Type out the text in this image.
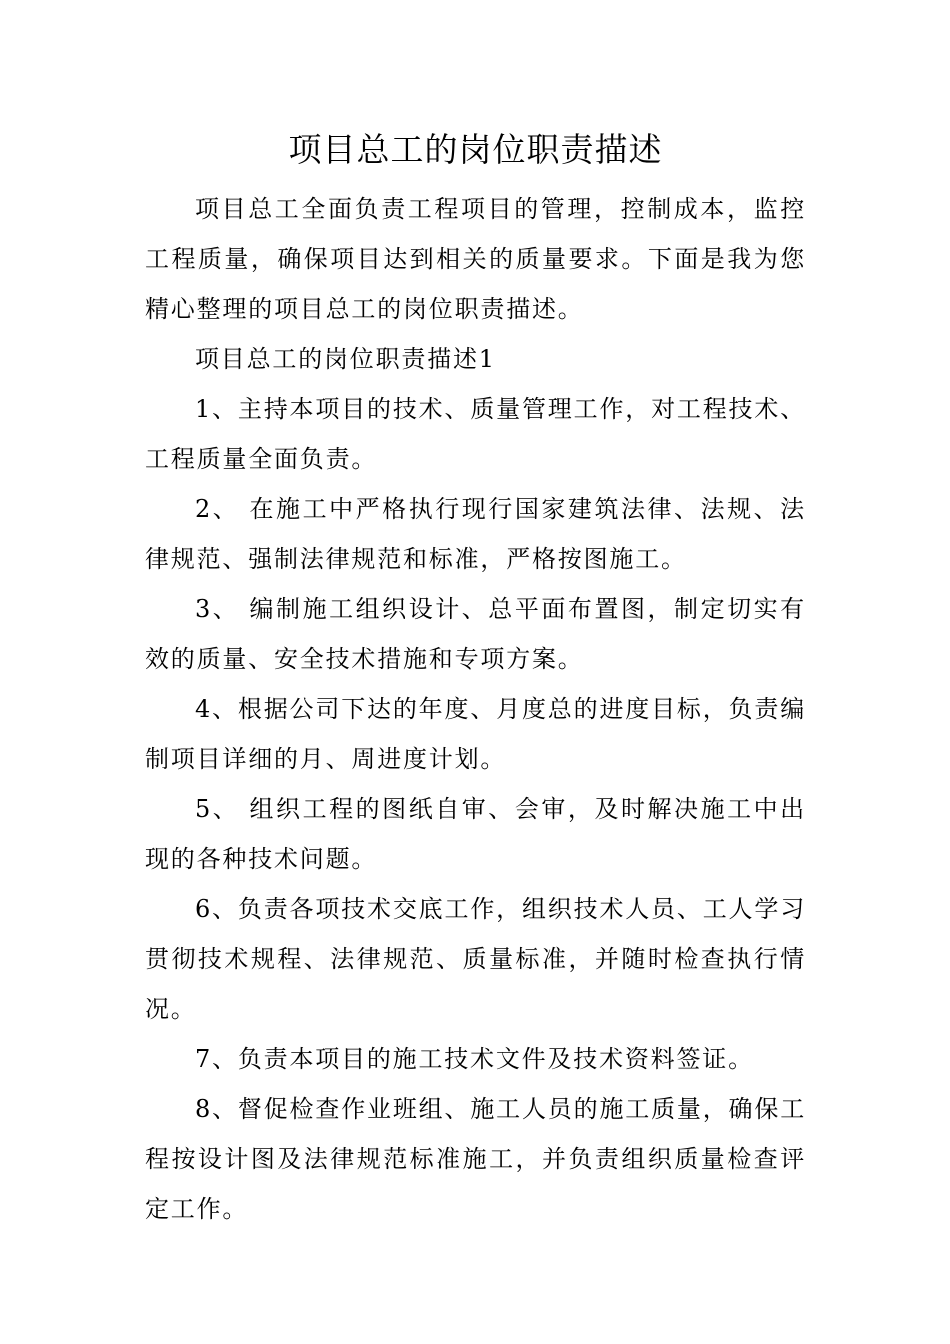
项目总工的岗位职责描述

项目总工全面负责工程项目的管理，控制成本，监控工程质量，确保项目达到相关的质量要求。下面是我为您精心整理的项目总工的岗位职责描述。

项目总工的岗位职责描述1

1、主持本项目的技术、质量管理工作，对工程技术、工程质量全面负责。

2、 在施工中严格执行现行国家建筑法律、法规、法律规范、强制法律规范和标准，严格按图施工。

3、 编制施工组织设计、总平面布置图，制定切实有效的质量、安全技术措施和专项方案。

4、根据公司下达的年度、月度总的进度目标，负责编制项目详细的月、周进度计划。

5、 组织工程的图纸自审、会审，及时解决施工中出现的各种技术问题。

6、负责各项技术交底工作，组织技术人员、工人学习贯彻技术规程、法律规范、质量标准，并随时检查执行情况。

7、负责本项目的施工技术文件及技术资料签证。

8、督促检查作业班组、施工人员的施工质量，确保工程按设计图及法律规范标准施工，并负责组织质量检查评定工作。
